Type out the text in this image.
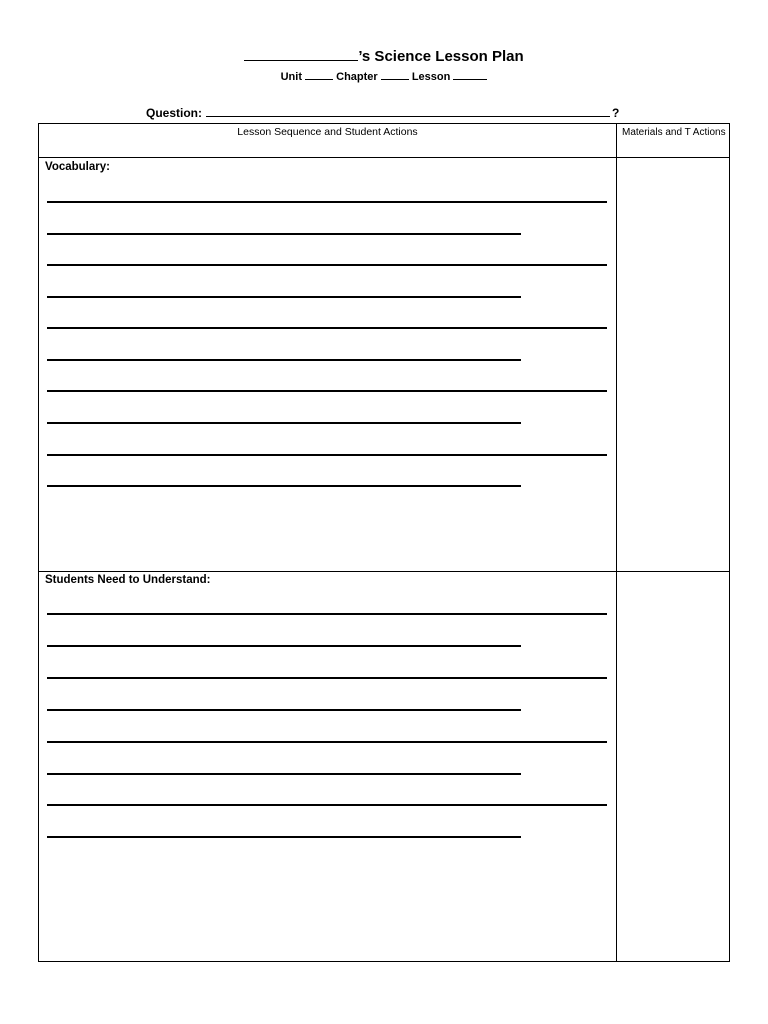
’s Science Lesson Plan
Unit	Chapter	Lesson
Question:	?
Lesson Sequence and Student Actions	Materials and T Actions
Vocabulary:
Students Need to Understand:
